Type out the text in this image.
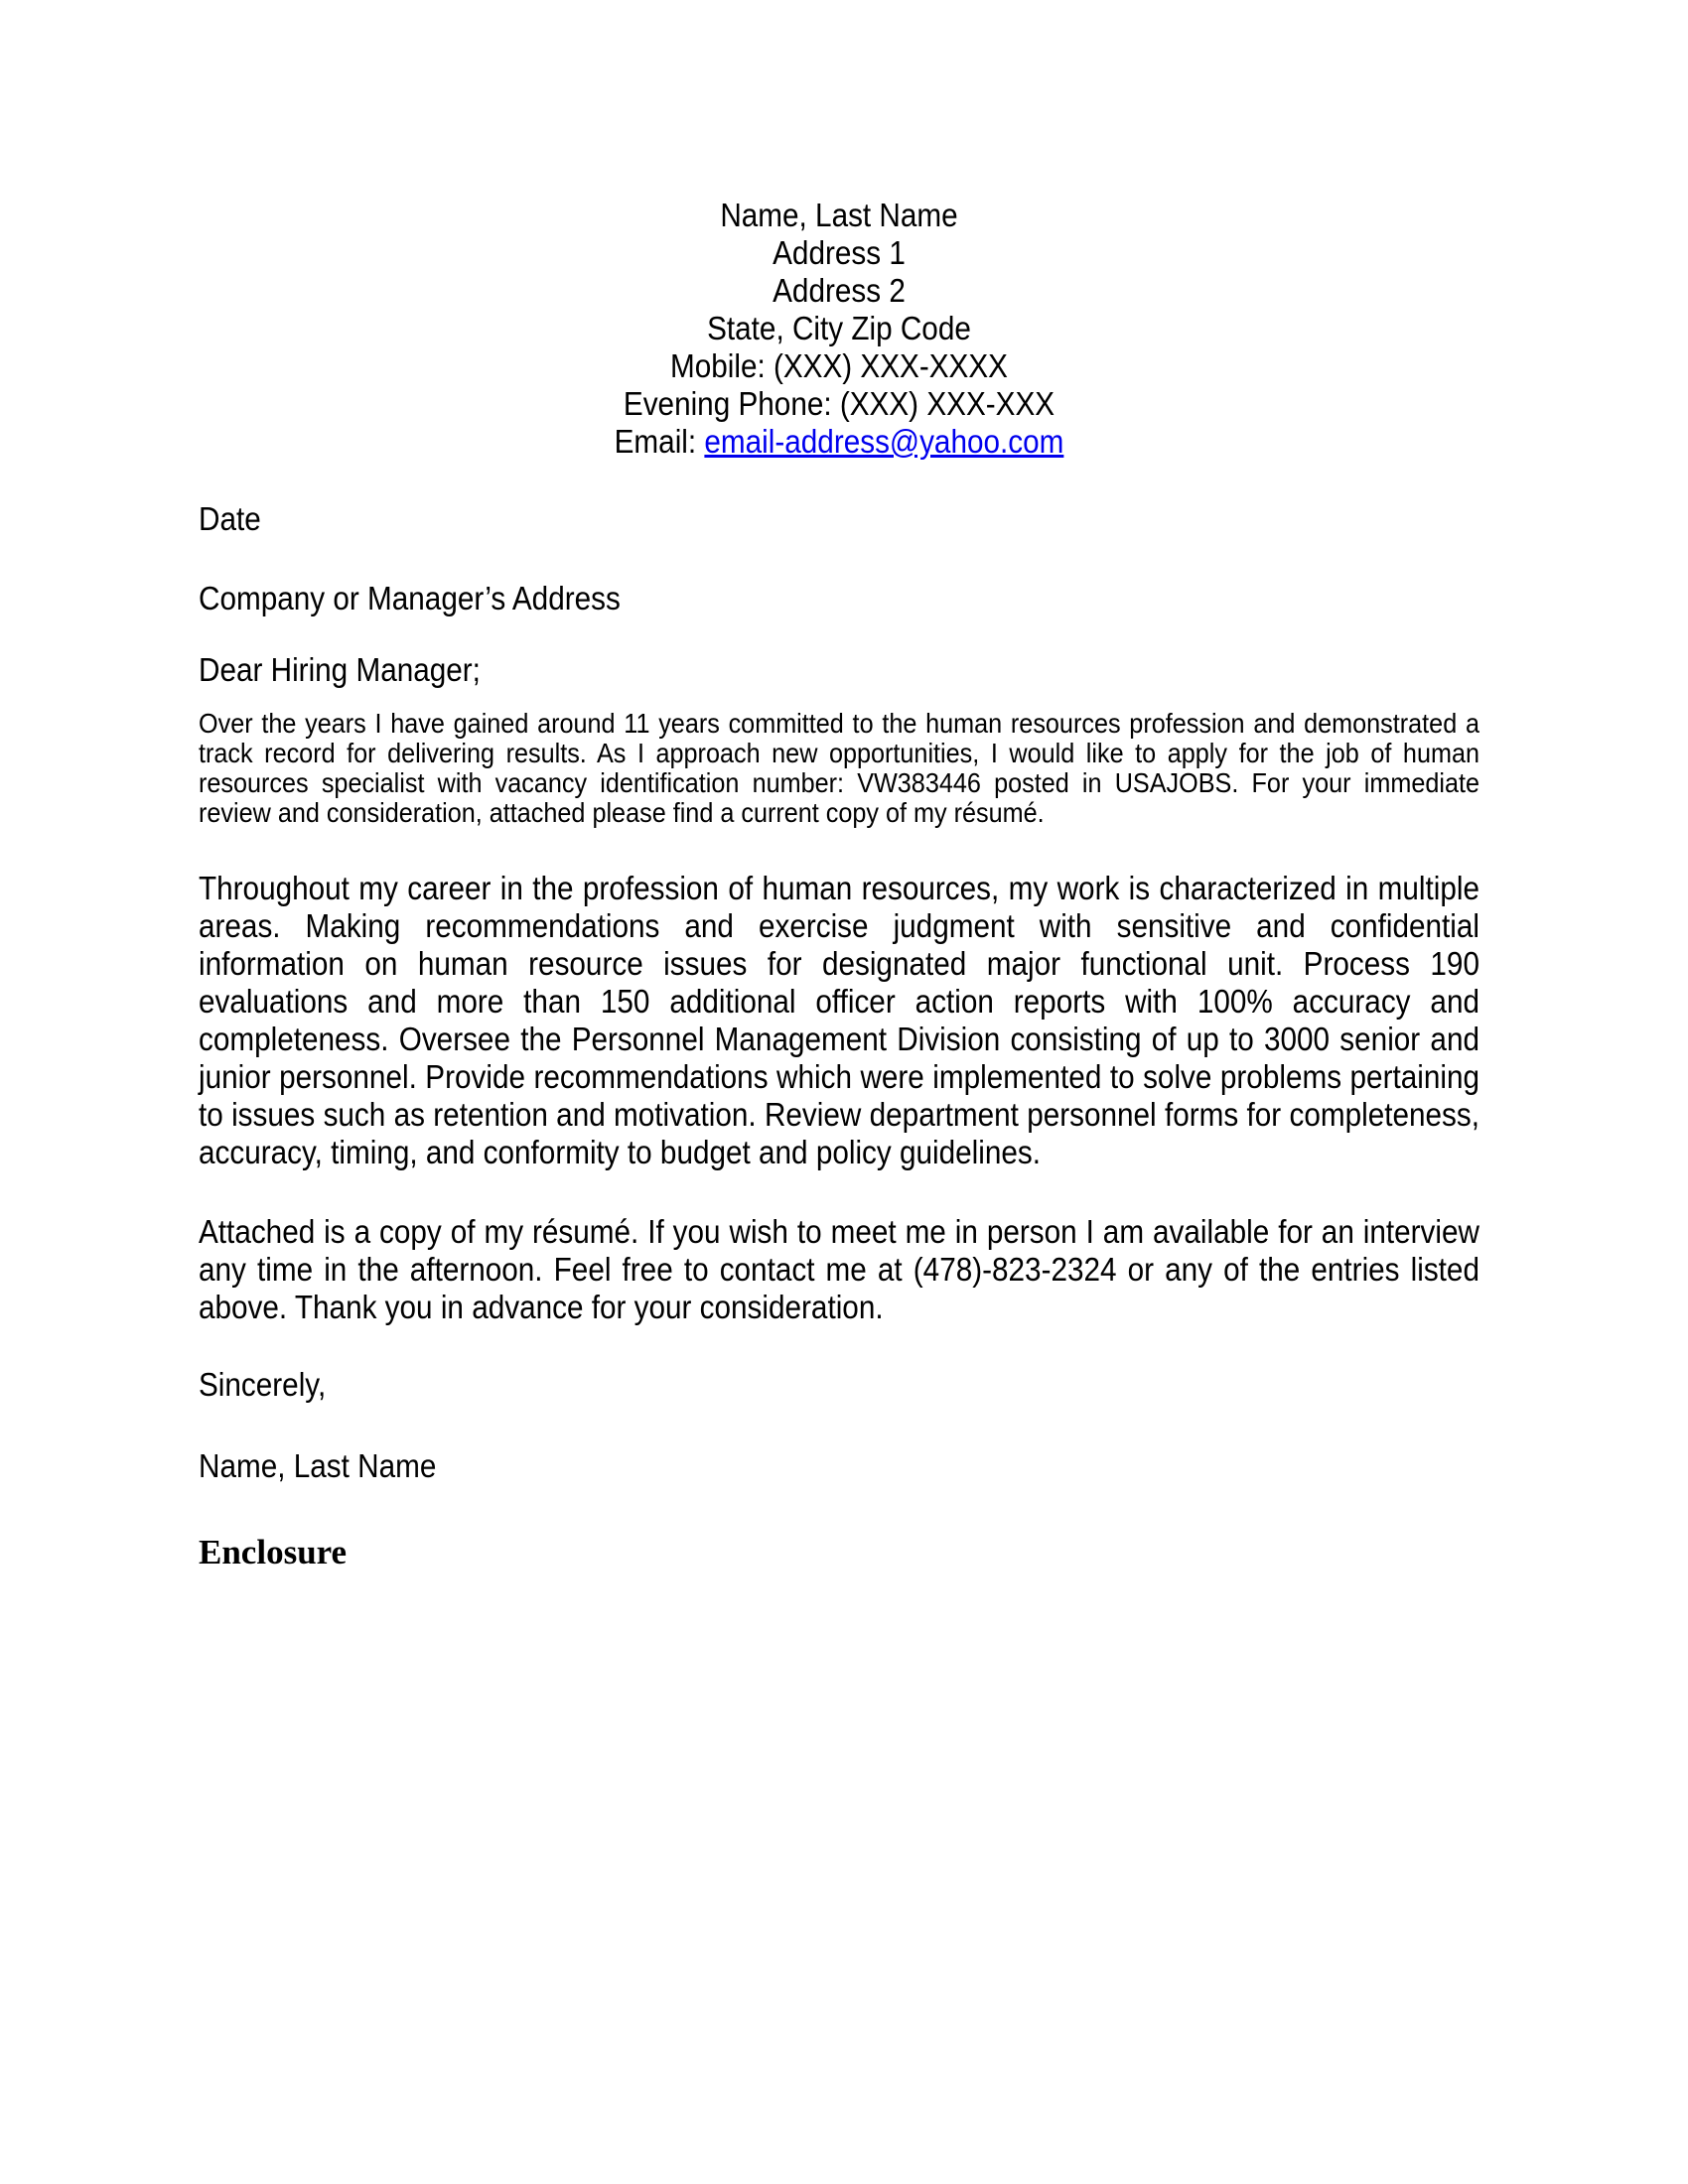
Name, Last Name
Address 1
Address 2
State, City Zip Code
Mobile: (XXX) XXX-XXXX
Evening Phone: (XXX) XXX-XXX
Email: email-address@yahoo.com
Date
Company or Manager’s Address
Dear Hiring Manager;
Over the years I have gained around 11 years committed to the human resources profession and demonstrated a track record for delivering results. As I approach new opportunities, I would like to apply for the job of human resources specialist with vacancy identification number: VW383446 posted in USAJOBS. For your immediate review and consideration, attached please find a current copy of my résumé.
Throughout my career in the profession of human resources, my work is characterized in multiple areas. Making recommendations and exercise judgment with sensitive and confidential information on human resource issues for designated major functional unit. Process 190 evaluations and more than 150 additional officer action reports with 100% accuracy and completeness. Oversee the Personnel Management Division consisting of up to 3000 senior and junior personnel. Provide recommendations which were implemented to solve problems pertaining to issues such as retention and motivation. Review department personnel forms for completeness, accuracy, timing, and conformity to budget and policy guidelines.
Attached is a copy of my résumé. If you wish to meet me in person I am available for an interview any time in the afternoon. Feel free to contact me at (478)-823-2324 or any of the entries listed above. Thank you in advance for your consideration.
Sincerely,
Name, Last Name
Enclosure
